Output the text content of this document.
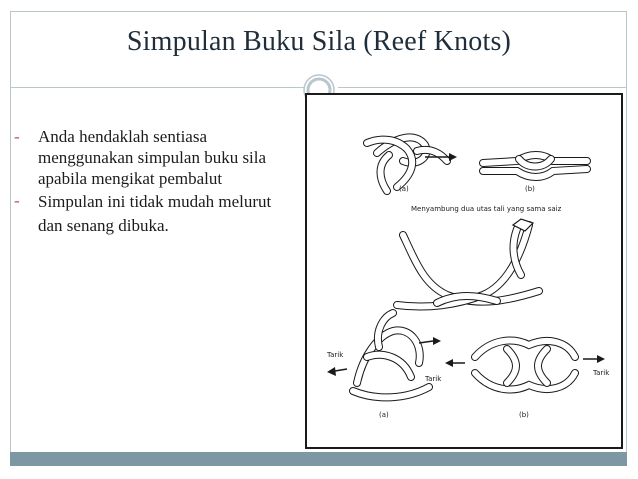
Simpulan Buku Sila (Reef Knots)
-	Anda hendaklah sentiasa menggunakan simpulan buku sila apabila mengikat pembalut
-	Simpulan ini tidak mudah melurut dan senang dibuka.
(a)	(b)
Menyambung dua utas tali yang sama saiz
(a)
Tarik
Tarik
Tarik
(b)
